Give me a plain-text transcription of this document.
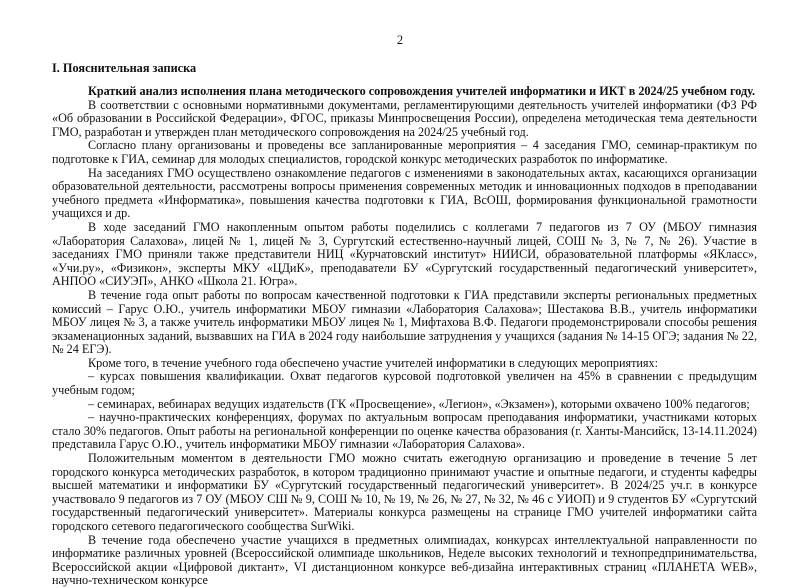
2
I. Пояснительная записка

Краткий анализ исполнения плана методического сопровождения учителей информатики и ИКТ в 2024/25 учебном году.

В соответствии с основными нормативными документами, регламентирующими деятельность учителей информатики (ФЗ РФ «Об образовании в Российской Федерации», ФГОС, приказы Минпросвещения России), определена методическая тема деятельности ГМО, разработан и утвержден план методического сопровождения на 2024/25 учебный год.

Согласно плану организованы и проведены все запланированные мероприятия – 4 заседания ГМО, семинар-практикум по подготовке к ГИА, семинар для молодых специалистов, городской конкурс методических разработок по информатике.

На заседаниях ГМО осуществлено ознакомление педагогов с изменениями в законодательных актах, касающихся организации образовательной деятельности, рассмотрены вопросы применения современных методик и инновационных подходов в преподавании учебного предмета «Информатика», повышения качества подготовки к ГИА, ВсОШ, формирования функциональной грамотности учащихся и др.

В ходе заседаний ГМО накопленным опытом работы поделились с коллегами 7 педагогов из 7 ОУ (МБОУ гимназия «Лаборатория Салахова», лицей № 1, лицей № 3, Сургутский естественно-научный лицей, СОШ № 3, № 7, № 26). Участие в заседаниях ГМО приняли также представители НИЦ «Курчатовский институт» НИИСИ, образовательной платформы «ЯКласс», «Учи.ру», «Физикон», эксперты МКУ «ЦДиК», преподаватели БУ «Сургутский государственный педагогический университет», АНПОО «СИУЭП», АНКО «Школа 21. Югра».

В течение года опыт работы по вопросам качественной подготовки к ГИА представили эксперты региональных предметных комиссий – Гарус О.Ю., учитель информатики МБОУ гимназии «Лаборатория Салахова»; Шестакова В.В., учитель информатики МБОУ лицея № 3, а также учитель информатики МБОУ лицея № 1, Мифтахова В.Ф. Педагоги продемонстрировали способы решения экзаменационных заданий, вызвавших на ГИА в 2024 году наибольшие затруднения у учащихся (задания № 14-15 ОГЭ; задания № 22, № 24 ЕГЭ).

Кроме того, в течение учебного года обеспечено участие учителей информатики в следующих мероприятиях:

– курсах повышения квалификации. Охват педагогов курсовой подготовкой увеличен на 45% в сравнении с предыдущим учебным годом;

– семинарах, вебинарах ведущих издательств (ГК «Просвещение», «Легион», «Экзамен»), которыми охвачено 100% педагогов;

– научно-практических конференциях, форумах по актуальным вопросам преподавания информатики, участниками которых стало 30% педагогов. Опыт работы на региональной конференции по оценке качества образования (г. Ханты-Мансийск, 13-14.11.2024) представила Гарус О.Ю., учитель информатики МБОУ гимназии «Лаборатория Салахова».

Положительным моментом в деятельности ГМО можно считать ежегодную организацию и проведение в течение 5 лет городского конкурса методических разработок, в котором традиционно принимают участие и опытные педагоги, и студенты кафедры высшей математики и информатики БУ «Сургутский государственный педагогический университет». В 2024/25 уч.г. в конкурсе участвовало 9 педагогов из 7 ОУ (МБОУ СШ № 9, СОШ № 10, № 19, № 26, № 27, № 32, № 46 с УИОП) и 9 студентов БУ «Сургутский государственный педагогический университет». Материалы конкурса размещены на странице ГМО учителей информатики сайта городского сетевого педагогического сообщества SurWiki.

В течение года обеспечено участие учащихся в предметных олимпиадах, конкурсах интеллектуальной направленности по информатике различных уровней (Всероссийской олимпиаде школьников, Неделе высоких технологий и технопредпринимательства, Всероссийской акции «Цифровой диктант», VI дистанционном конкурсе веб-дизайна интерактивных страниц «ПЛАНЕТА WEB», научно-техническом конкурсе
